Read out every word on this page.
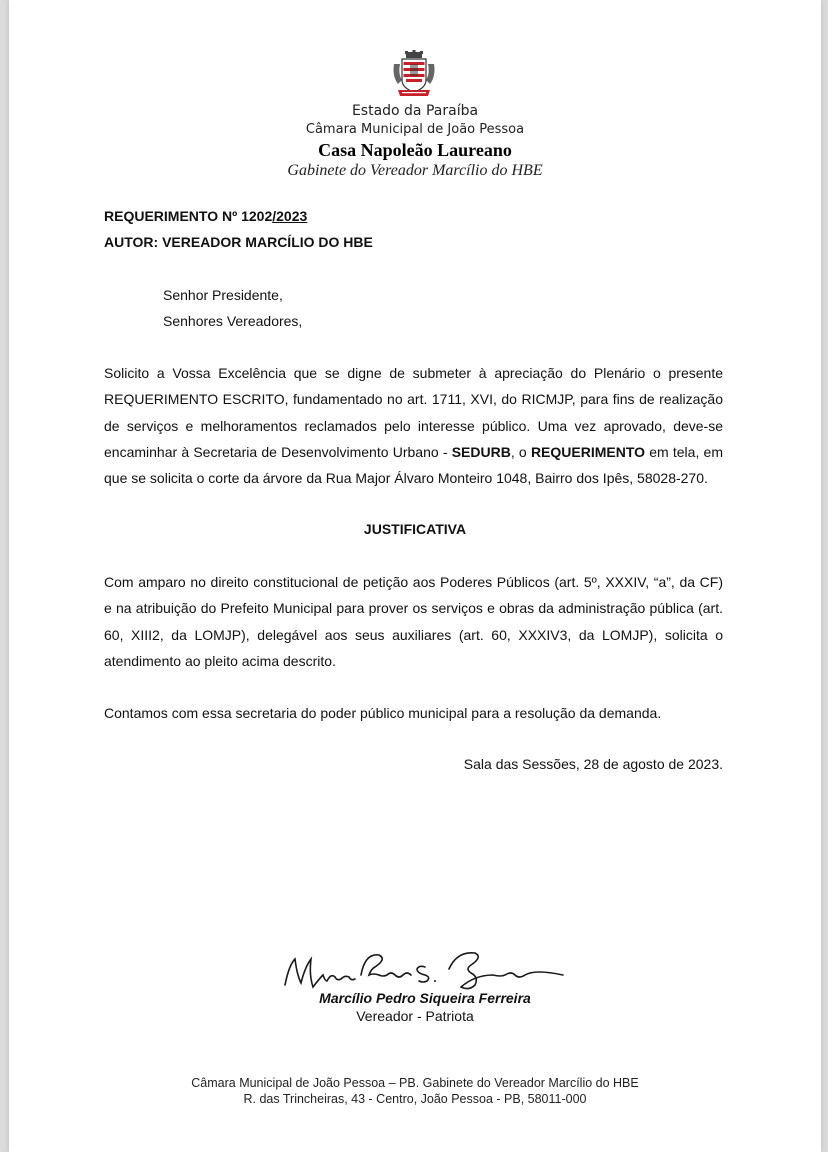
Estado da Paraíba
Câmara Municipal de João Pessoa
Casa Napoleão Laureano
Gabinete do Vereador Marcílio do HBE
REQUERIMENTO Nº 1202/2023
AUTOR: VEREADOR MARCÍLIO DO HBE
Senhor Presidente,
Senhores Vereadores,
Solicito a Vossa Excelência que se digne de submeter à apreciação do Plenário o presente REQUERIMENTO ESCRITO, fundamentado no art. 1711, XVI, do RICMJP, para fins de realização de serviços e melhoramentos reclamados pelo interesse público. Uma vez aprovado, deve-se encaminhar à Secretaria de Desenvolvimento Urbano - SEDURB, o REQUERIMENTO em tela, em que se solicita o corte da árvore da Rua Major Álvaro Monteiro 1048, Bairro dos Ipês, 58028-270.
JUSTIFICATIVA
Com amparo no direito constitucional de petição aos Poderes Públicos (art. 5º, XXXIV, “a”, da CF) e na atribuição do Prefeito Municipal para prover os serviços e obras da administração pública (art. 60, XIII2, da LOMJP), delegável aos seus auxiliares (art. 60, XXXIV3, da LOMJP), solicita o atendimento ao pleito acima descrito.
Contamos com essa secretaria do poder público municipal para a resolução da demanda.
Sala das Sessões, 28 de agosto de 2023.
Marcílio Pedro Siqueira Ferreira
Vereador - Patriota
Câmara Municipal de João Pessoa – PB. Gabinete do Vereador Marcílio do HBE
R. das Trincheiras, 43 - Centro, João Pessoa - PB, 58011-000
